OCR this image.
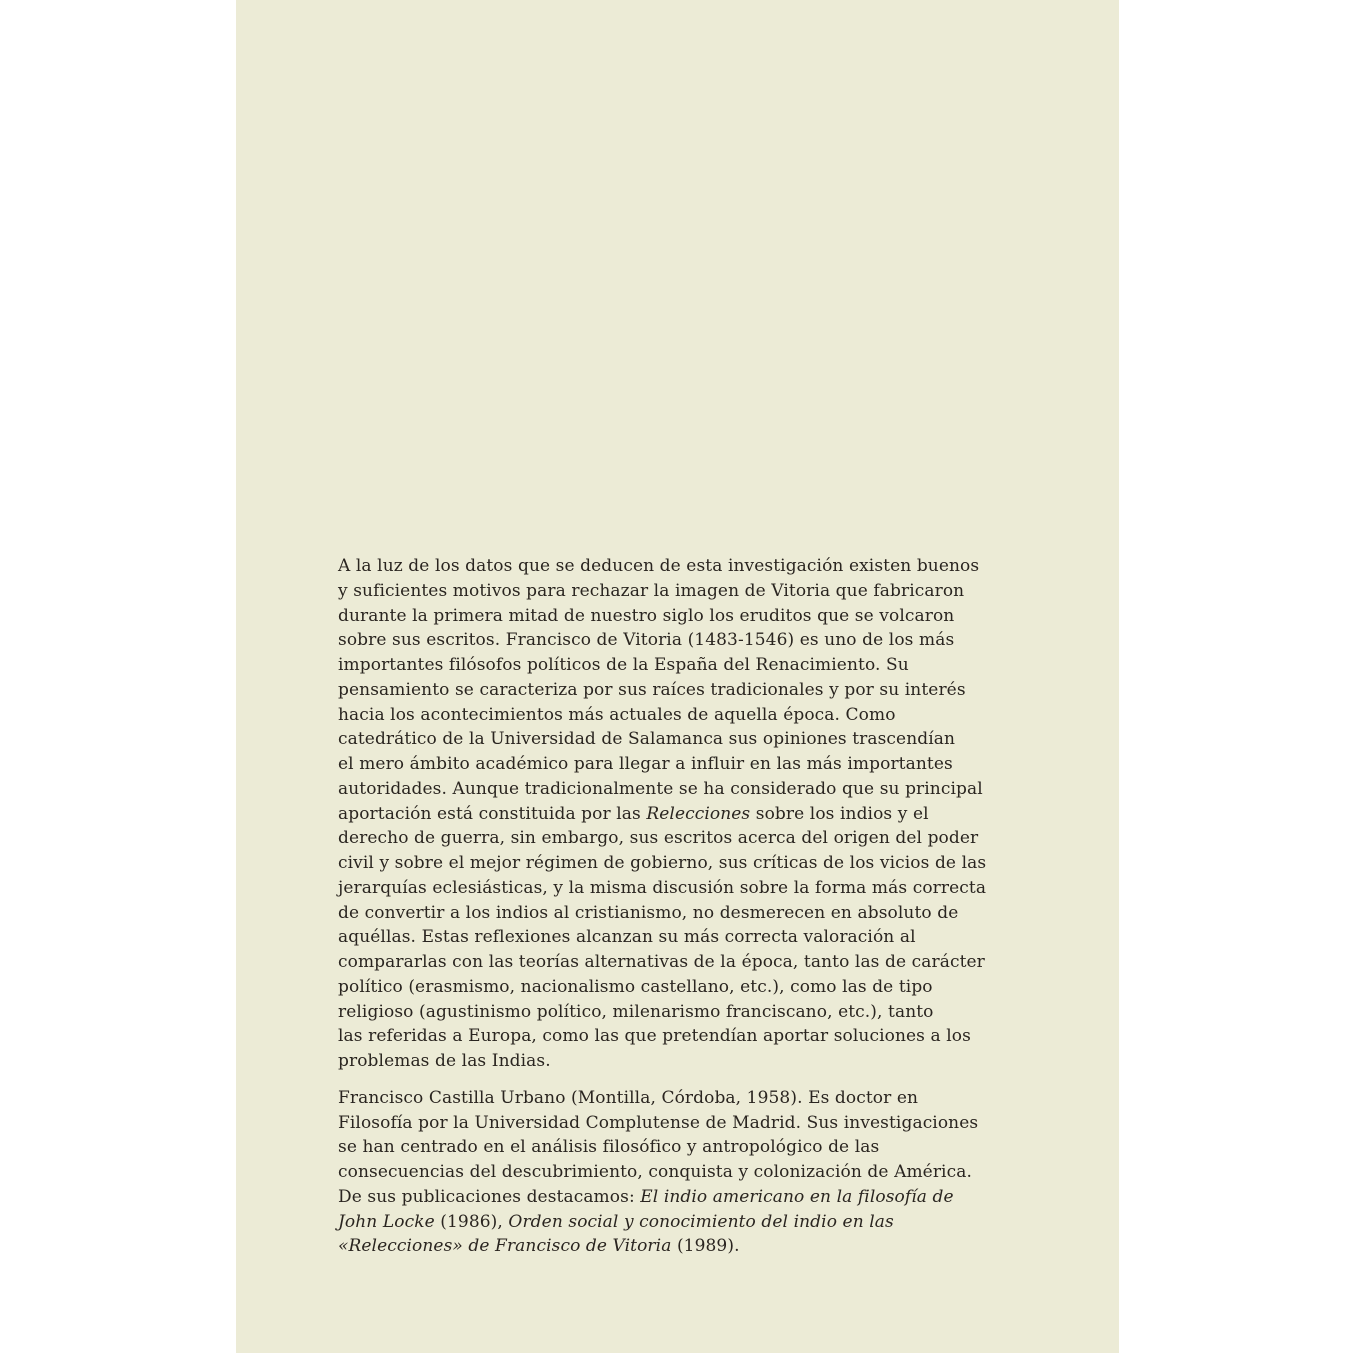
A la luz de los datos que se deducen de esta investigación existen buenos
y suficientes motivos para rechazar la imagen de Vitoria que fabricaron
durante la primera mitad de nuestro siglo los eruditos que se volcaron
sobre sus escritos. Francisco de Vitoria (1483-1546) es uno de los más
importantes filósofos políticos de la España del Renacimiento. Su
pensamiento se caracteriza por sus raíces tradicionales y por su interés
hacia los acontecimientos más actuales de aquella época. Como
catedrático de la Universidad de Salamanca sus opiniones trascendían
el mero ámbito académico para llegar a influir en las más importantes
autoridades. Aunque tradicionalmente se ha considerado que su principal
aportación está constituida por las Relecciones sobre los indios y el
derecho de guerra, sin embargo, sus escritos acerca del origen del poder
civil y sobre el mejor régimen de gobierno, sus críticas de los vicios de las
jerarquías eclesiásticas, y la misma discusión sobre la forma más correcta
de convertir a los indios al cristianismo, no desmerecen en absoluto de
aquéllas. Estas reflexiones alcanzan su más correcta valoración al
compararlas con las teorías alternativas de la época, tanto las de carácter
político (erasmismo, nacionalismo castellano, etc.), como las de tipo
religioso (agustinismo político, milenarismo franciscano, etc.), tanto
las referidas a Europa, como las que pretendían aportar soluciones a los
problemas de las Indias.
Francisco Castilla Urbano (Montilla, Córdoba, 1958). Es doctor en
Filosofía por la Universidad Complutense de Madrid. Sus investigaciones
se han centrado en el análisis filosófico y antropológico de las
consecuencias del descubrimiento, conquista y colonización de América.
De sus publicaciones destacamos: El indio americano en la filosofía de
John Locke (1986), Orden social y conocimiento del indio en las
«Relecciones» de Francisco de Vitoria (1989).
